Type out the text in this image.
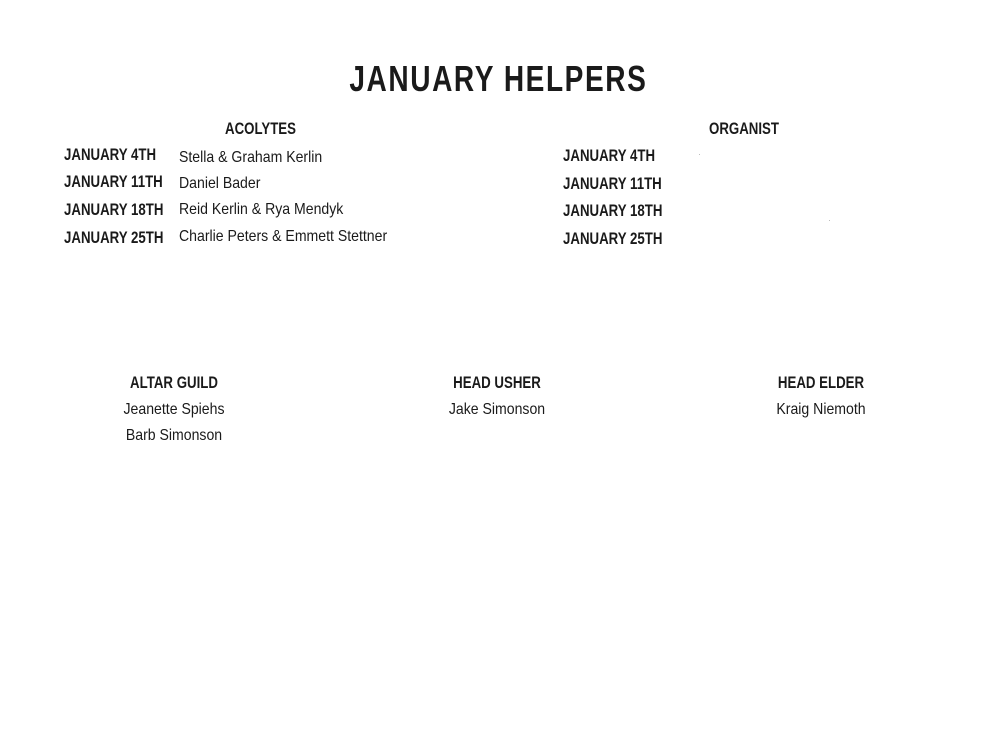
JANUARY HELPERS
ACOLYTES
JANUARY 4TH Stella & Graham Kerlin
JANUARY 11TH Daniel Bader
JANUARY 18TH Reid Kerlin & Rya Mendyk
JANUARY 25TH Charlie Peters & Emmett Stettner
ORGANIST
JANUARY 4TH
JANUARY 11TH
JANUARY 18TH
JANUARY 25TH
ALTAR GUILD
Jeanette Spiehs
Barb Simonson
HEAD USHER
Jake Simonson
HEAD ELDER
Kraig Niemoth
